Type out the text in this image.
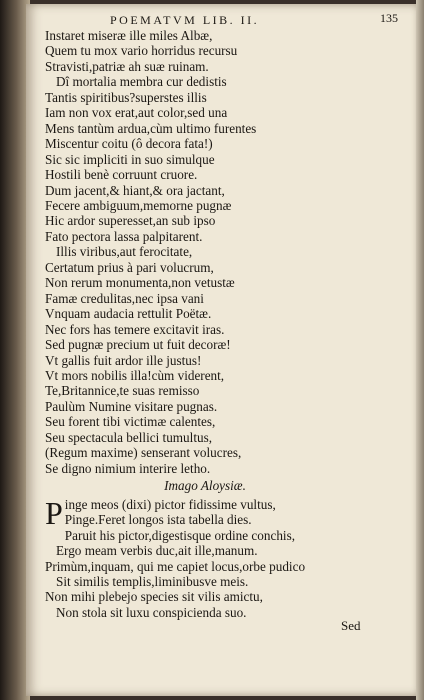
POEMATVM LIB. II.	135
Instaret miseræ ille miles Albæ,
Quem tu mox vario horridus recursu
Stravisti,patriæ ah suæ ruinam.
Dî mortalia membra cur dedistis
Tantis spiritibus?superstes illis
Iam non vox erat,aut color,sed una
Mens tantùm ardua,cùm ultimo furentes
Miscentur coitu (ô decora fata!)
Sic sic impliciti in suo simulque
Hostili benè corruunt cruore.
Dum jacent,& hiant,& ora jactant,
Fecere ambiguum,memorne pugnæ
Hic ardor superesset,an sub ipso
Fato pectora lassa palpitarent.
Illis viribus,aut ferocitate,
Certatum prius à pari volucrum,
Non rerum monumenta,non vetustæ
Famæ credulitas,nec ipsa vani
Vnquam audacia rettulit Poëtæ.
Nec fors has temere excitavit iras.
Sed pugnæ precium ut fuit decoræ!
Vt gallis fuit ardor ille justus!
Vt mors nobilis illa!cùm viderent,
Te,Britannice,te suas remisso
Paulùm Numine visitare pugnas.
Seu forent tibi victimæ calentes,
Seu spectacula bellici tumultus,
(Regum maxime) senserant volucres,
Se digno nimium interire letho.
Imago Aloysiæ.
P inge meos (dixi) pictor fidissime vultus,
Pinge.Feret longos ista tabella dies.
Paruit his pictor,digestisque ordine conchis,
Ergo meam verbis duc,ait ille,manum.
Primùm,inquam, qui me capiet locus,orbe pudico
Sit similis templis,liminibusve meis.
Non mihi plebejo species sit vilis amictu,
Non stola sit luxu conspicienda suo.
Sed
